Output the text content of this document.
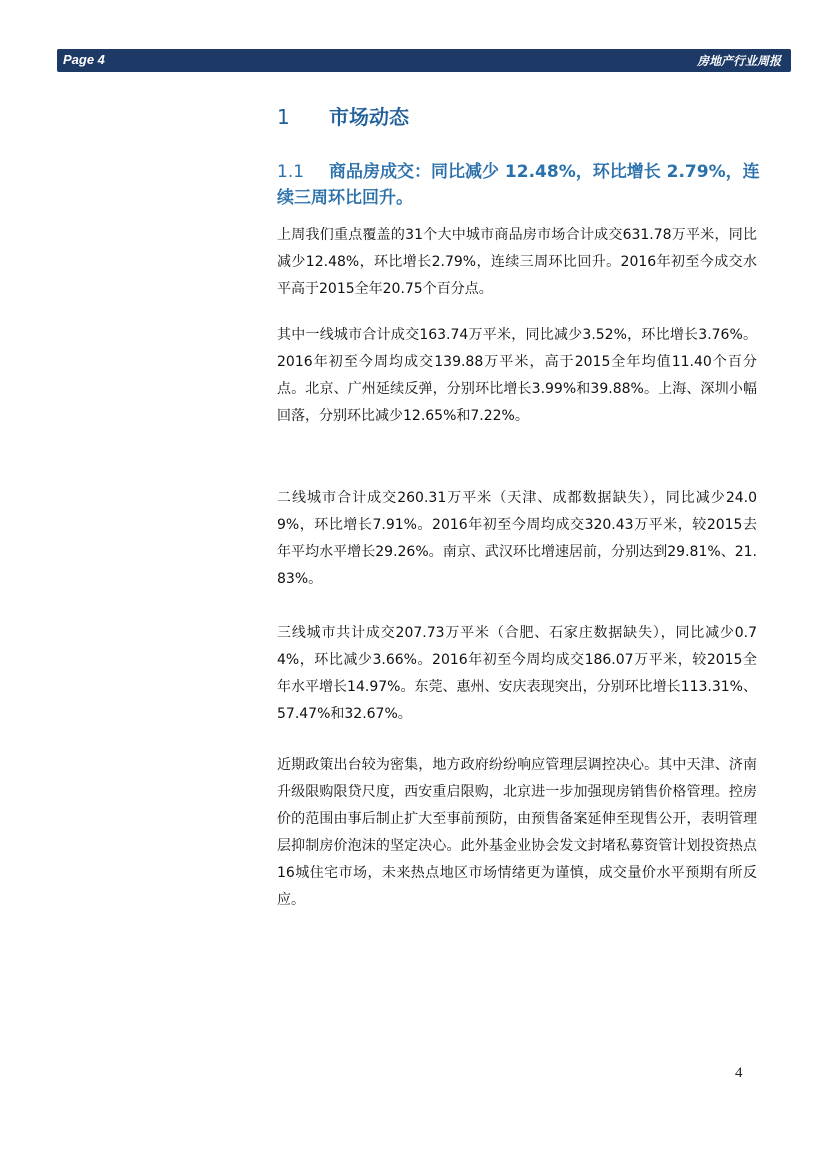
Page 4	房地产行业周报
1 市场动态
1.1 商品房成交：同比减少 12.48%，环比增长 2.79%，连续三周环比回升。

上周我们重点覆盖的31个大中城市商品房市场合计成交631.78万平米，同比减少12.48%，环比增长2.79%，连续三周环比回升。2016年初至今成交水平高于2015全年20.75个百分点。

其中一线城市合计成交163.74万平米，同比减少3.52%，环比增长3.76%。2016年初至今周均成交139.88万平米，高于2015全年均值11.40个百分点。北京、广州延续反弹，分别环比增长3.99%和39.88%。上海、深圳小幅回落，分别环比减少12.65%和7.22%。

二线城市合计成交260.31万平米（天津、成都数据缺失），同比减少24.09%，环比增长7.91%。2016年初至今周均成交320.43万平米，较2015去年平均水平增长29.26%。南京、武汉环比增速居前，分别达到29.81%、21.83%。

三线城市共计成交207.73万平米（合肥、石家庄数据缺失），同比减少0.74%，环比减少3.66%。2016年初至今周均成交186.07万平米，较2015全年水平增长14.97%。东莞、惠州、安庆表现突出，分别环比增长113.31%、57.47%和32.67%。

近期政策出台较为密集，地方政府纷纷响应管理层调控决心。其中天津、济南升级限购限贷尺度，西安重启限购，北京进一步加强现房销售价格管理。控房价的范围由事后制止扩大至事前预防，由预售备案延伸至现售公开，表明管理层抑制房价泡沫的坚定决心。此外基金业协会发文封堵私募资管计划投资热点16城住宅市场，未来热点地区市场情绪更为谨慎，成交量价水平预期有所反应。

4
